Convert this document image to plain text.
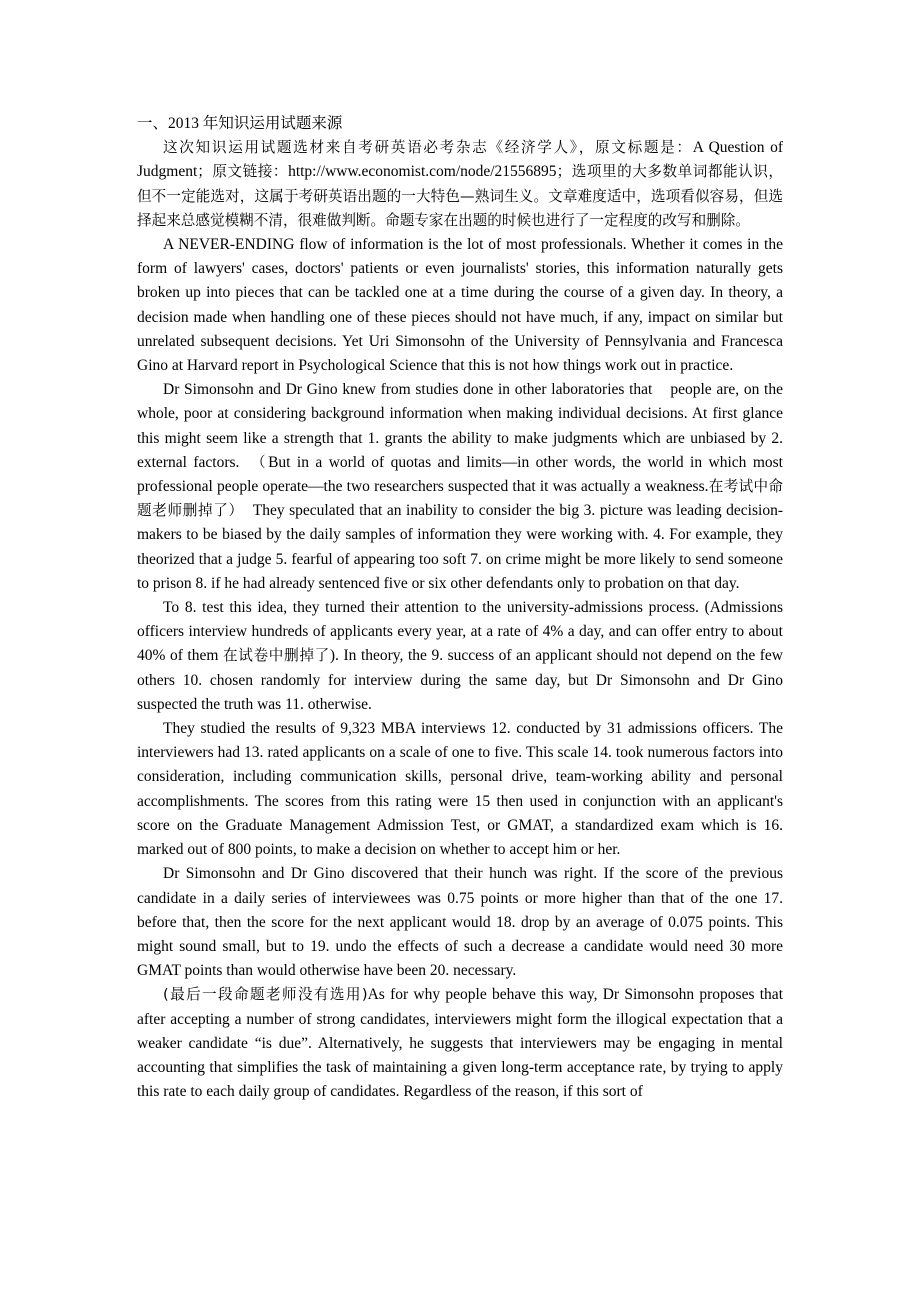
一、2013 年知识运用试题来源

这次知识运用试题选材来自考研英语必考杂志《经济学人》，原文标题是：A Question of Judgment；原文链接：http://www.economist.com/node/21556895；选项里的大多数单词都能认识，但不一定能选对，这属于考研英语出题的一大特色—熟词生义。文章难度适中，选项看似容易，但选择起来总感觉模糊不清，很难做判断。命题专家在出题的时候也进行了一定程度的改写和删除。

A NEVER-ENDING flow of information is the lot of most professionals. Whether it comes in the form of lawyers' cases, doctors' patients or even journalists' stories, this information naturally gets broken up into pieces that can be tackled one at a time during the course of a given day. In theory, a decision made when handling one of these pieces should not have much, if any, impact on similar but unrelated subsequent decisions. Yet Uri Simonsohn of the University of Pennsylvania and Francesca Gino at Harvard report in Psychological Science that this is not how things work out in practice.

Dr Simonsohn and Dr Gino knew from studies done in other laboratories that people are, on the whole, poor at considering background information when making individual decisions. At first glance this might seem like a strength that 1. grants the ability to make judgments which are unbiased by 2. external factors. （But in a world of quotas and limits—in other words, the world in which most professional people operate—the two researchers suspected that it was actually a weakness.在考试中命题老师删掉了） They speculated that an inability to consider the big 3. picture was leading decision-makers to be biased by the daily samples of information they were working with. 4. For example, they theorized that a judge 5. fearful of appearing too soft 7. on crime might be more likely to send someone to prison 8. if he had already sentenced five or six other defendants only to probation on that day.

To 8. test this idea, they turned their attention to the university-admissions process. (Admissions officers interview hundreds of applicants every year, at a rate of 4% a day, and can offer entry to about 40% of them 在试卷中删掉了). In theory, the 9. success of an applicant should not depend on the few others 10. chosen randomly for interview during the same day, but Dr Simonsohn and Dr Gino suspected the truth was 11. otherwise.

They studied the results of 9,323 MBA interviews 12. conducted by 31 admissions officers. The interviewers had 13. rated applicants on a scale of one to five. This scale 14. took numerous factors into consideration, including communication skills, personal drive, team-working ability and personal accomplishments. The scores from this rating were 15 then used in conjunction with an applicant's score on the Graduate Management Admission Test, or GMAT, a standardized exam which is 16. marked out of 800 points, to make a decision on whether to accept him or her.

Dr Simonsohn and Dr Gino discovered that their hunch was right. If the score of the previous candidate in a daily series of interviewees was 0.75 points or more higher than that of the one 17. before that, then the score for the next applicant would 18. drop by an average of 0.075 points. This might sound small, but to 19. undo the effects of such a decrease a candidate would need 30 more GMAT points than would otherwise have been 20. necessary.

(最后一段命题老师没有选用)As for why people behave this way, Dr Simonsohn proposes that after accepting a number of strong candidates, interviewers might form the illogical expectation that a weaker candidate “is due”. Alternatively, he suggests that interviewers may be engaging in mental accounting that simplifies the task of maintaining a given long-term acceptance rate, by trying to apply this rate to each daily group of candidates. Regardless of the reason, if this sort of
